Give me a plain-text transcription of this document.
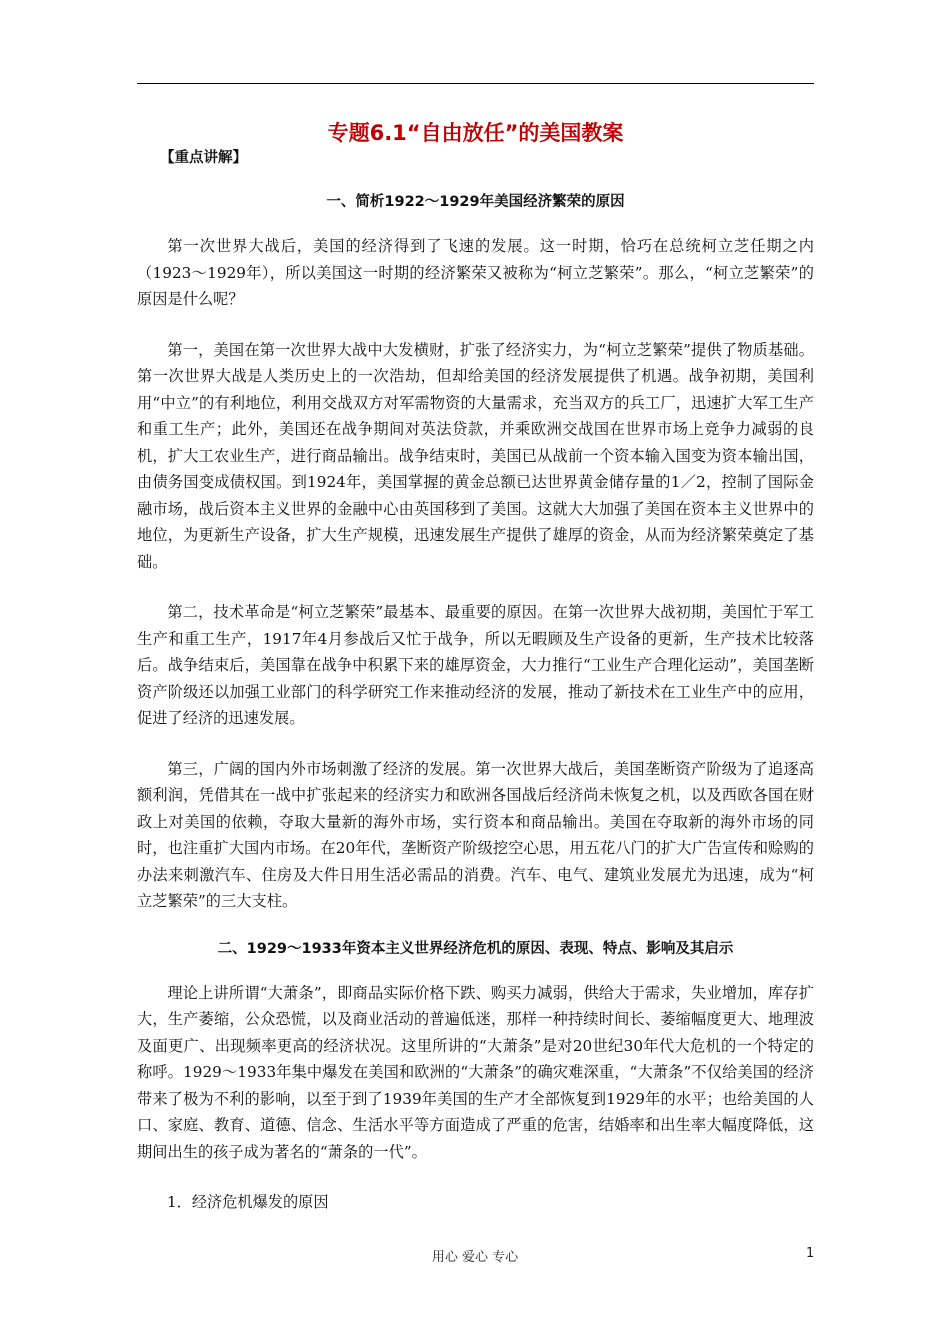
专题6.1“自由放任”的美国教案

【重点讲解】

一、简析1922～1929年美国经济繁荣的原因

第一次世界大战后，美国的经济得到了飞速的发展。这一时期，恰巧在总统柯立芝任期之内（1923～1929年），所以美国这一时期的经济繁荣又被称为“柯立芝繁荣”。那么，“柯立芝繁荣”的原因是什么呢？

第一，美国在第一次世界大战中大发横财，扩张了经济实力，为“柯立芝繁荣”提供了物质基础。第一次世界大战是人类历史上的一次浩劫，但却给美国的经济发展提供了机遇。战争初期，美国利用“中立”的有利地位，利用交战双方对军需物资的大量需求，充当双方的兵工厂，迅速扩大军工生产和重工生产；此外，美国还在战争期间对英法贷款，并乘欧洲交战国在世界市场上竞争力减弱的良机，扩大工农业生产，进行商品输出。战争结束时，美国已从战前一个资本输入国变为资本输出国，由债务国变成债权国。到1924年，美国掌握的黄金总额已达世界黄金储存量的1／2，控制了国际金融市场，战后资本主义世界的金融中心由英国移到了美国。这就大大加强了美国在资本主义世界中的地位，为更新生产设备，扩大生产规模，迅速发展生产提供了雄厚的资金，从而为经济繁荣奠定了基础。

第二，技术革命是“柯立芝繁荣”最基本、最重要的原因。在第一次世界大战初期，美国忙于军工生产和重工生产，1917年4月参战后又忙于战争，所以无暇顾及生产设备的更新，生产技术比较落后。战争结束后，美国靠在战争中积累下来的雄厚资金，大力推行“工业生产合理化运动”，美国垄断资产阶级还以加强工业部门的科学研究工作来推动经济的发展，推动了新技术在工业生产中的应用，促进了经济的迅速发展。

第三，广阔的国内外市场刺激了经济的发展。第一次世界大战后，美国垄断资产阶级为了追逐高额利润，凭借其在一战中扩张起来的经济实力和欧洲各国战后经济尚未恢复之机，以及西欧各国在财政上对美国的依赖，夺取大量新的海外市场，实行资本和商品输出。美国在夺取新的海外市场的同时，也注重扩大国内市场。在20年代，垄断资产阶级挖空心思，用五花八门的扩大广告宣传和赊购的办法来刺激汽车、住房及大件日用生活必需品的消费。汽车、电气、建筑业发展尤为迅速，成为“柯立芝繁荣”的三大支柱。

二、1929～1933年资本主义世界经济危机的原因、表现、特点、影响及其启示

理论上讲所谓“大萧条”，即商品实际价格下跌、购买力减弱，供给大于需求，失业增加，库存扩大，生产萎缩，公众恐慌，以及商业活动的普遍低迷，那样一种持续时间长、萎缩幅度更大、地理波及面更广、出现频率更高的经济状况。这里所讲的“大萧条”是对20世纪30年代大危机的一个特定的称呼。1929～1933年集中爆发在美国和欧洲的“大萧条”的确灾难深重，“大萧条”不仅给美国的经济带来了极为不利的影响，以至于到了1939年美国的生产才全部恢复到1929年的水平；也给美国的人口、家庭、教育、道德、信念、生活水平等方面造成了严重的危害，结婚率和出生率大幅度降低，这期间出生的孩子成为著名的“萧条的一代”。

1．经济危机爆发的原因

用心 爱心 专心	1
